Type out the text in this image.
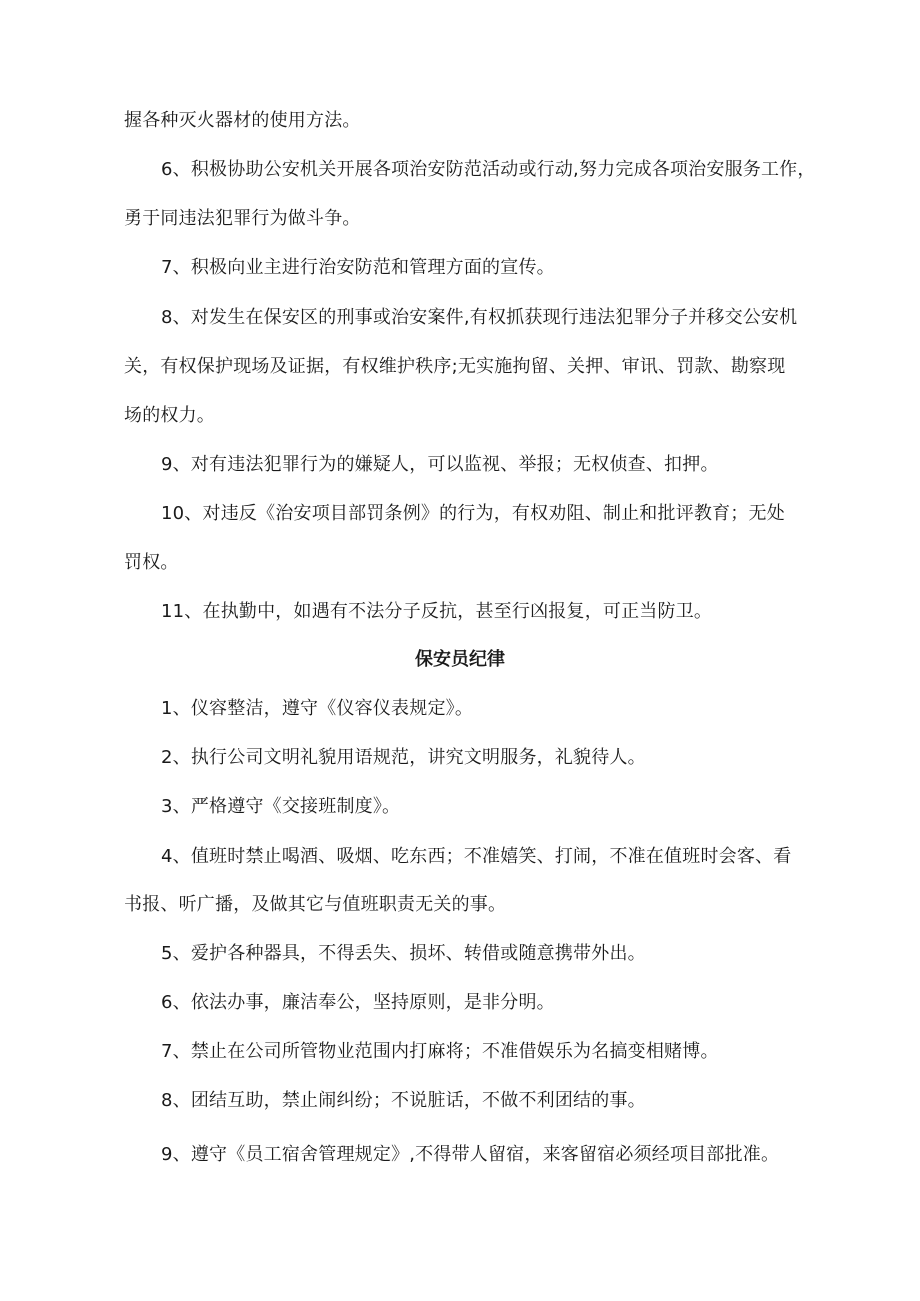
握各种灭火器材的使用方法。
6、积极协助公安机关开展各项治安防范活动或行动,努力完成各项治安服务工作，
勇于同违法犯罪行为做斗争。
7、积极向业主进行治安防范和管理方面的宣传。
8、对发生在保安区的刑事或治安案件,有权抓获现行违法犯罪分子并移交公安机
关，有权保护现场及证据，有权维护秩序;无实施拘留、关押、审讯、罚款、勘察现
场的权力。
9、对有违法犯罪行为的嫌疑人，可以监视、举报；无权侦查、扣押。
10、对违反《治安项目部罚条例》的行为，有权劝阻、制止和批评教育；无处
罚权。
11、在执勤中，如遇有不法分子反抗，甚至行凶报复，可正当防卫。
保安员纪律
1、仪容整洁，遵守《仪容仪表规定》。
2、执行公司文明礼貌用语规范，讲究文明服务，礼貌待人。
3、严格遵守《交接班制度》。
4、值班时禁止喝酒、吸烟、吃东西；不准嬉笑、打闹，不准在值班时会客、看
书报、听广播，及做其它与值班职责无关的事。
5、爱护各种器具，不得丢失、损坏、转借或随意携带外出。
6、依法办事，廉洁奉公，坚持原则，是非分明。
7、禁止在公司所管物业范围内打麻将；不准借娱乐为名搞变相赌博。
8、团结互助，禁止闹纠纷；不说脏话，不做不利团结的事。
9、遵守《员工宿舍管理规定》,不得带人留宿，来客留宿必须经项目部批准。
